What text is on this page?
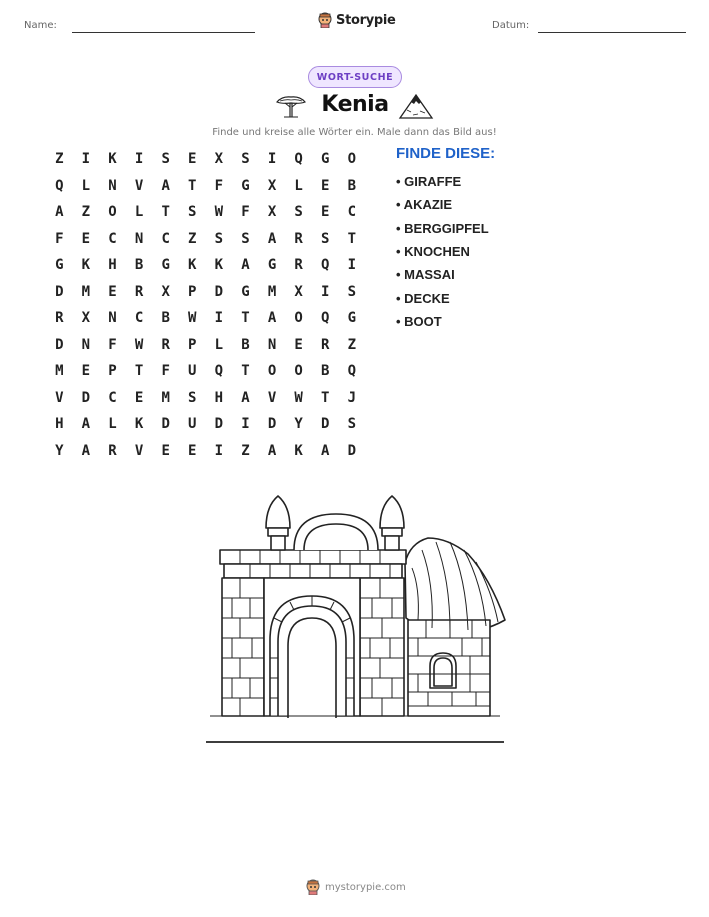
Name:	Storypie	Datum:
WORT-SUCHE
Kenia
Finde und kreise alle Wörter ein. Male dann das Bild aus!
Z	I	K	I	S	E	X	S	I	Q	G	O
Q	L	N	V	A	T	F	G	X	L	E	B
A	Z	O	L	T	S	W	F	X	S	E	C
F	E	C	N	C	Z	S	S	A	R	S	T
G	K	H	B	G	K	K	A	G	R	Q	I
D	M	E	R	X	P	D	G	M	X	I	S
R	X	N	C	B	W	I	T	A	O	Q	G
D	N	F	W	R	P	L	B	N	E	R	Z
M	E	P	T	F	U	Q	T	O	O	B	Q
V	D	C	E	M	S	H	A	V	W	T	J
H	A	L	K	D	U	D	I	D	Y	D	S
Y	A	R	V	E	E	I	Z	A	K	A	D
FINDE DIESE:
• GIRAFFE
• AKAZIE
• BERGGIPFEL
• KNOCHEN
• MASSAI
• DECKE
• BOOT
mystorypie.com
